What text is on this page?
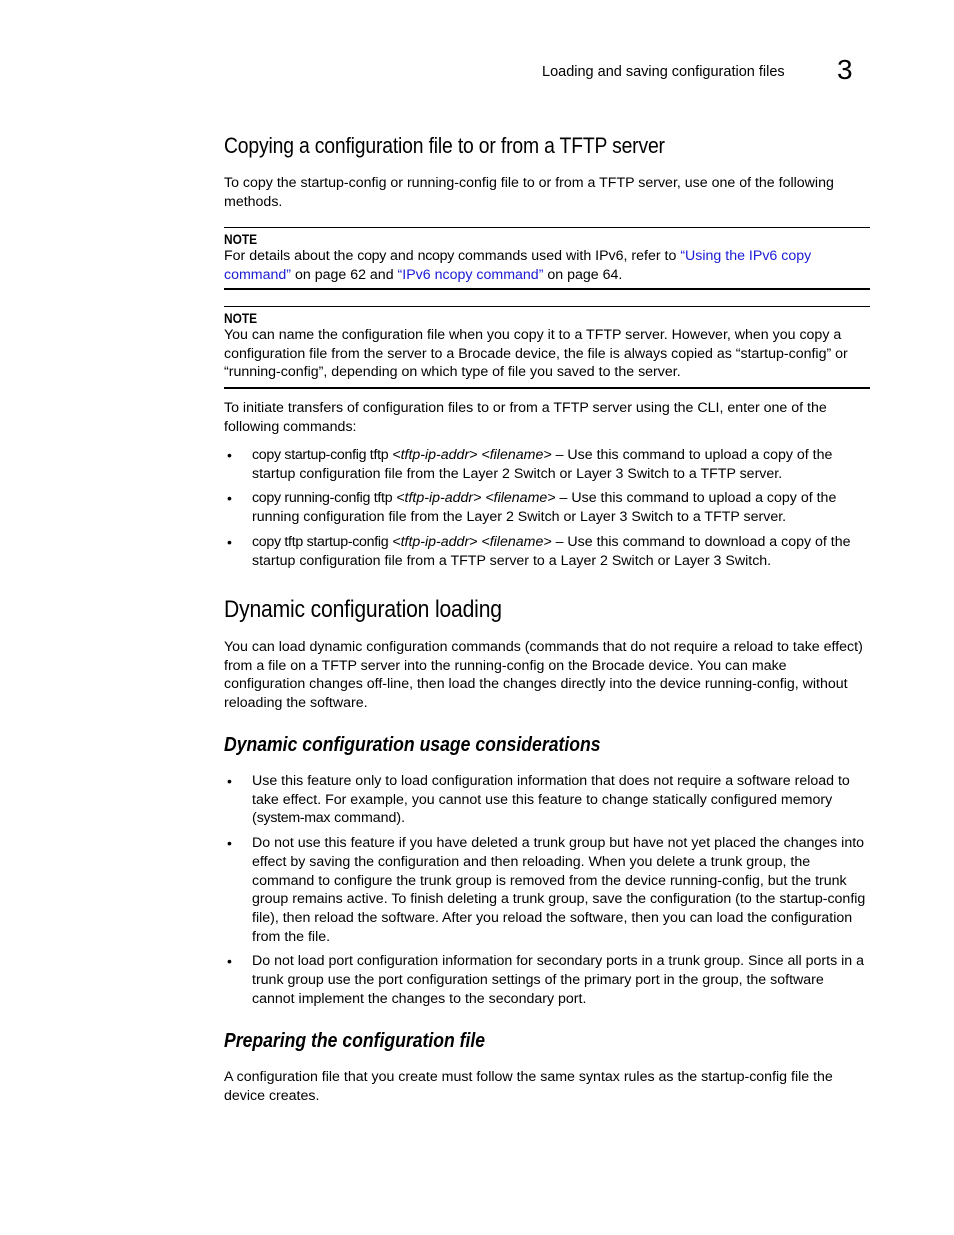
Loading and saving configuration files 3
Copying a configuration file to or from a TFTP server

To copy the startup-config or running-config file to or from a TFTP server, use one of the following methods.

NOTE

For details about the copy and ncopy commands used with IPv6, refer to “Using the IPv6 copy command” on page 62 and “IPv6 ncopy command” on page 64.

NOTE

You can name the configuration file when you copy it to a TFTP server. However, when you copy a configuration file from the server to a Brocade device, the file is always copied as “startup-config” or “running-config”, depending on which type of file you saved to the server.

To initiate transfers of configuration files to or from a TFTP server using the CLI, enter one of the following commands:

• copy startup-config tftp <tftp-ip-addr> <filename> – Use this command to upload a copy of the startup configuration file from the Layer 2 Switch or Layer 3 Switch to a TFTP server.
• copy running-config tftp <tftp-ip-addr> <filename> – Use this command to upload a copy of the running configuration file from the Layer 2 Switch or Layer 3 Switch to a TFTP server.
• copy tftp startup-config <tftp-ip-addr> <filename> – Use this command to download a copy of the startup configuration file from a TFTP server to a Layer 2 Switch or Layer 3 Switch.
Dynamic configuration loading

You can load dynamic configuration commands (commands that do not require a reload to take effect) from a file on a TFTP server into the running-config on the Brocade device. You can make configuration changes off-line, then load the changes directly into the device running-config, without reloading the software.

Dynamic configuration usage considerations
• Use this feature only to load configuration information that does not require a software reload to take effect. For example, you cannot use this feature to change statically configured memory (system-max command).
• Do not use this feature if you have deleted a trunk group but have not yet placed the changes into effect by saving the configuration and then reloading. When you delete a trunk group, the command to configure the trunk group is removed from the device running-config, but the trunk group remains active. To finish deleting a trunk group, save the configuration (to the startup-config file), then reload the software. After you reload the software, then you can load the configuration from the file.
• Do not load port configuration information for secondary ports in a trunk group. Since all ports in a trunk group use the port configuration settings of the primary port in the group, the software cannot implement the changes to the secondary port.
Preparing the configuration file

A configuration file that you create must follow the same syntax rules as the startup-config file the device creates.
